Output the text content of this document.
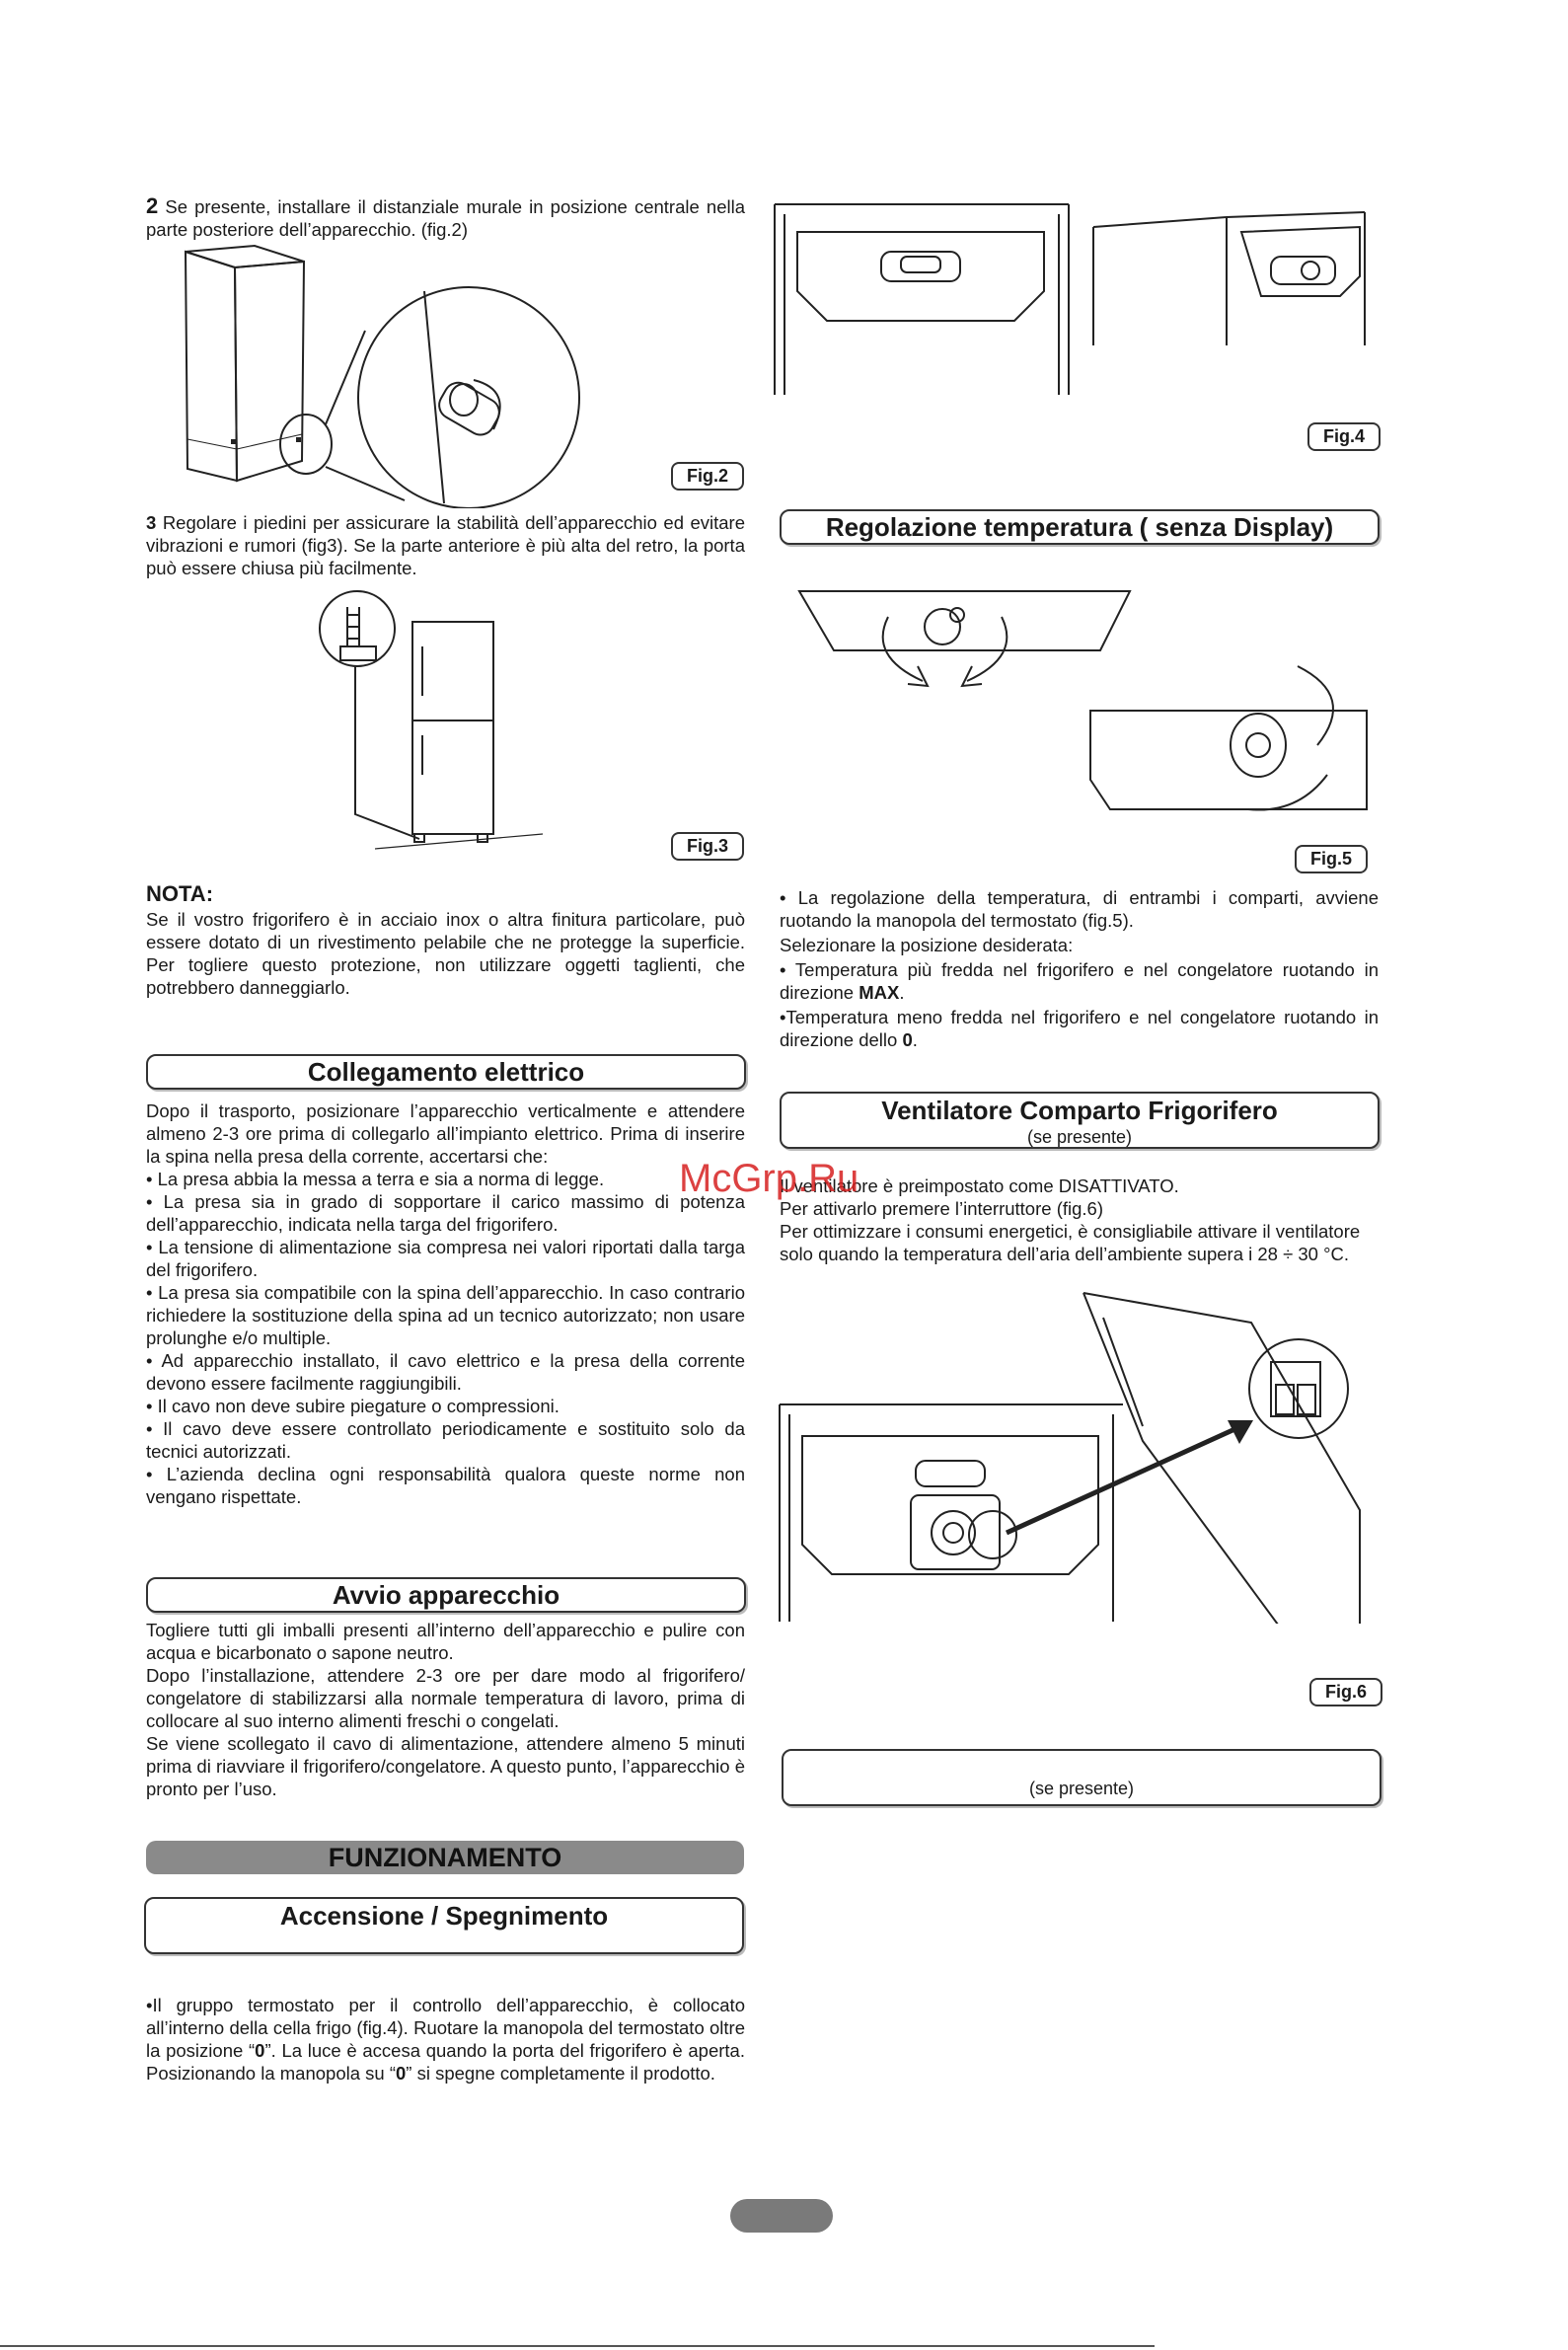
2 Se presente, installare il distanziale murale in posizione centrale nella parte posteriore dell’apparecchio. (fig.2)

Fig.2

3 Regolare i piedini per assicurare la stabilità dell’apparecchio ed evitare vibrazioni e rumori (fig3). Se la parte anteriore è più alta del retro, la porta può essere chiusa più facilmente.

Fig.3
NOTA:

Se il vostro frigorifero è in acciaio inox o altra finitura particolare, può essere dotato di un rivestimento pelabile che ne protegge la superficie. Per togliere questo protezione, non utilizzare oggetti taglienti, che potrebbero danneggiarlo.

Collegamento elettrico

Dopo il trasporto, posizionare l’apparecchio verticalmente e attendere almeno 2-3 ore prima di collegarlo all’impianto elettrico. Prima di inserire la spina nella presa della corrente, accertarsi che:

• La presa abbia la messa a terra e sia a norma di legge.

• La presa sia in grado di sopportare il carico massimo di potenza dell’apparecchio, indicata nella targa del frigorifero.

• La tensione di alimentazione sia compresa nei valori riportati dalla targa del frigorifero.

• La presa sia compatibile con la spina dell’apparecchio. In caso contrario richiedere la sostituzione della spina ad un tecnico autorizzato; non usare prolunghe e/o multiple.

• Ad apparecchio installato, il cavo elettrico e la presa della corrente devono essere facilmente raggiungibili.

• Il cavo non deve subire piegature o compressioni.

• Il cavo deve essere controllato periodicamente e sostituito solo da tecnici autorizzati.

• L’azienda declina ogni responsabilità qualora queste norme non vengano rispettate.

Avvio apparecchio

Togliere tutti gli imballi presenti all’interno dell’apparecchio e pulire con acqua e bicarbonato o sapone neutro.

Dopo l’installazione, attendere 2-3 ore per dare modo al frigorifero/ congelatore di stabilizzarsi alla normale temperatura di lavoro, prima di collocare al suo interno alimenti freschi o congelati.

Se viene scollegato il cavo di alimentazione, attendere almeno 5 minuti prima di riavviare il frigorifero/congelatore. A questo punto, l’apparecchio è pronto per l’uso.

FUNZIONAMENTO
Accensione / Spegnimento

•Il gruppo termostato per il controllo dell’apparecchio, è collocato all’interno della cella frigo (fig.4). Ruotare la manopola del termostato oltre la posizione “0”. La luce è accesa quando la porta del frigorifero è aperta. Posizionando la manopola su “0” si spegne completamente il prodotto.

Fig.4
Regolazione temperatura ( senza Display)
Fig.5

• La regolazione della temperatura, di entrambi i comparti, avviene ruotando la manopola del termostato (fig.5).

Selezionare la posizione desiderata:

• Temperatura più fredda nel frigorifero e nel congelatore ruotando in direzione MAX.

•Temperatura meno fredda nel frigorifero e nel congelatore ruotando in direzione dello 0.

Ventilatore Comparto Frigorifero
(se presente)

Il ventilatore è preimpostato come DISATTIVATO.

Per attivarlo premere l’interruttore (fig.6)

Per ottimizzare i consumi energetici, è consigliabile attivare il ventilatore solo quando la temperatura dell’aria dell’ambiente supera i 28 ÷ 30 °C.

McGrp.Ru
Fig.6
(se presente)
